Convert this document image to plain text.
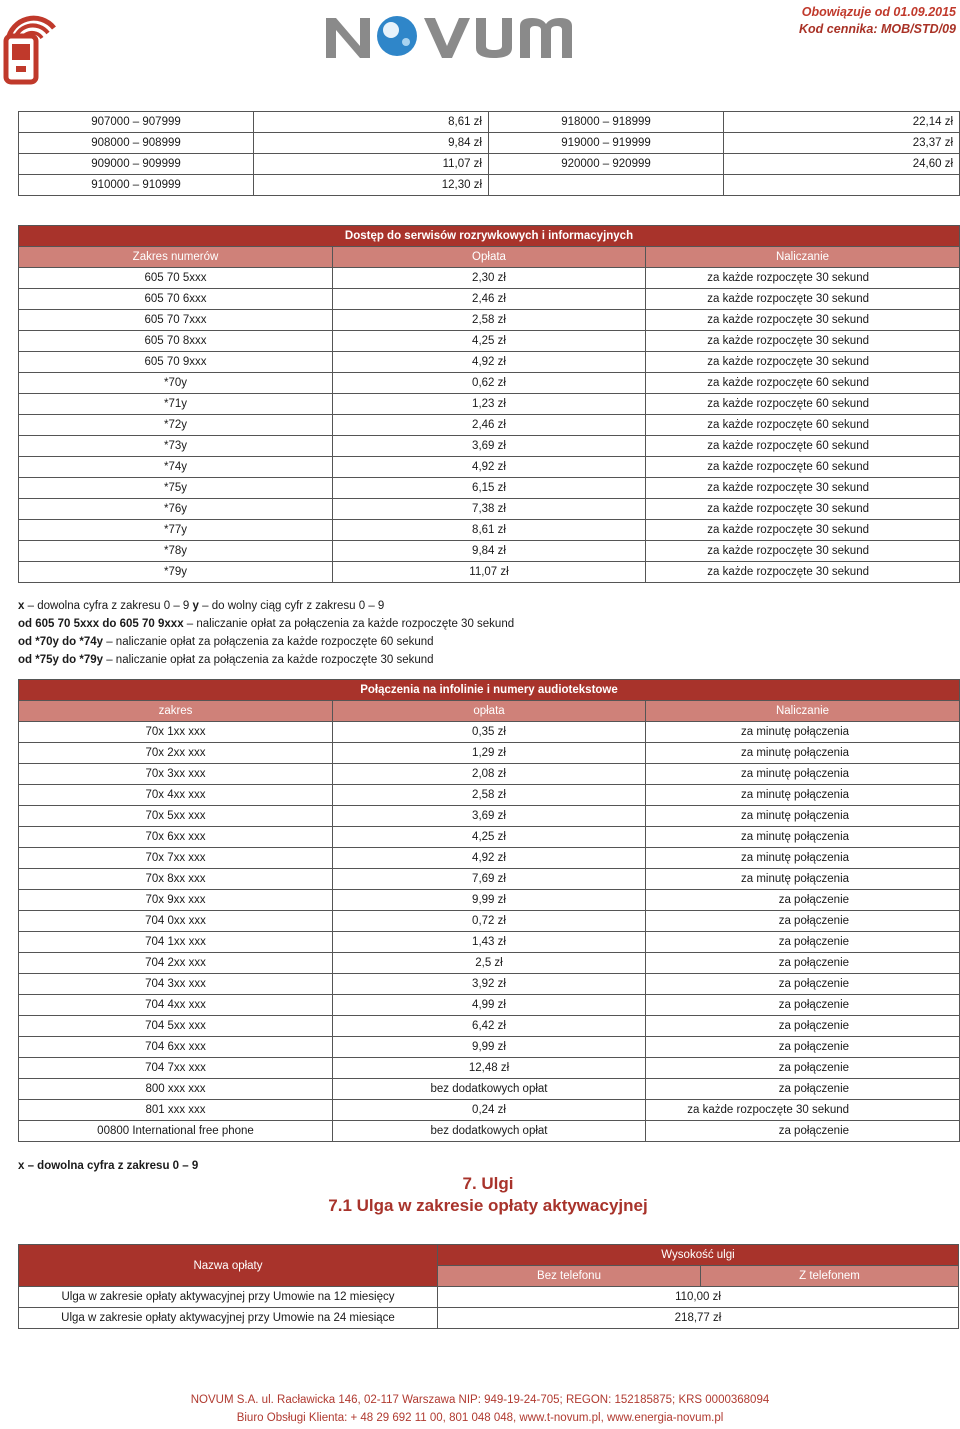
Obowiązuje od 01.09.2015
Kod cennika: MOB/STD/09
907000 – 907999	8,61 zł	918000 – 918999	22,14 zł
908000 – 908999	9,84 zł	919000 – 919999	23,37 zł
909000 – 909999	11,07 zł	920000 – 920999	24,60 zł
910000 – 910999	12,30 zł		
Dostęp do serwisów rozrywkowych i informacyjnych		
Zakres numerów	Opłata	Naliczanie
605 70 5xxx	2,30 zł	za każde rozpoczęte 30 sekund
605 70 6xxx	2,46 zł	za każde rozpoczęte 30 sekund
605 70 7xxx	2,58 zł	za każde rozpoczęte 30 sekund
605 70 8xxx	4,25 zł	za każde rozpoczęte 30 sekund
605 70 9xxx	4,92 zł	za każde rozpoczęte 30 sekund
*70y	0,62 zł	za każde rozpoczęte 60 sekund
*71y	1,23 zł	za każde rozpoczęte 60 sekund
*72y	2,46 zł	za każde rozpoczęte 60 sekund
*73y	3,69 zł	za każde rozpoczęte 60 sekund
*74y	4,92 zł	za każde rozpoczęte 60 sekund
*75y	6,15 zł	za każde rozpoczęte 30 sekund
*76y	7,38 zł	za każde rozpoczęte 30 sekund
*77y	8,61 zł	za każde rozpoczęte 30 sekund
*78y	9,84 zł	za każde rozpoczęte 30 sekund
*79y	11,07 zł	za każde rozpoczęte 30 sekund
x – dowolna cyfra z zakresu 0 – 9 y – do wolny ciąg cyfr z zakresu 0 – 9
od 605 70 5xxx do 605 70 9xxx – naliczanie opłat za połączenia za każde rozpoczęte 30 sekund
od *70y do *74y – naliczanie opłat za połączenia za każde rozpoczęte 60 sekund
od *75y do *79y – naliczanie opłat za połączenia za każde rozpoczęte 30 sekund
Połączenia na infolinie i numery audiotekstowe		
zakres	opłata	Naliczanie
70x 1xx xxx	0,35 zł	za minutę połączenia
70x 2xx xxx	1,29 zł	za minutę połączenia
70x 3xx xxx	2,08 zł	za minutę połączenia
70x 4xx xxx	2,58 zł	za minutę połączenia
70x 5xx xxx	3,69 zł	za minutę połączenia
70x 6xx xxx	4,25 zł	za minutę połączenia
70x 7xx xxx	4,92 zł	za minutę połączenia
70x 8xx xxx	7,69 zł	za minutę połączenia
70x 9xx xxx	9,99 zł	za połączenie
704 0xx xxx	0,72 zł	za połączenie
704 1xx xxx	1,43 zł	za połączenie
704 2xx xxx	2,5 zł	za połączenie
704 3xx xxx	3,92 zł	za połączenie
704 4xx xxx	4,99 zł	za połączenie
704 5xx xxx	6,42 zł	za połączenie
704 6xx xxx	9,99 zł	za połączenie
704 7xx xxx	12,48 zł	za połączenie
800 xxx xxx	bez dodatkowych opłat	za połączenie
801 xxx xxx	0,24 zł	za każde rozpoczęte 30 sekund
00800 International free phone	bez dodatkowych opłat	za połączenie
x – dowolna cyfra z zakresu 0 – 9
7. Ulgi
7.1 Ulga w zakresie opłaty aktywacyjnej
Nazwa opłaty	Wysokość ulgi	
	Bez telefonu	Z telefonem
Ulga w zakresie opłaty aktywacyjnej przy Umowie na 12 miesięcy	110,00 zł	
Ulga w zakresie opłaty aktywacyjnej przy Umowie na 24 miesiące	218,77 zł	
NOVUM S.A. ul. Racławicka 146, 02-117 Warszawa NIP: 949-19-24-705; REGON: 152185875; KRS 0000368094
Biuro Obsługi Klienta: + 48 29 692 11 00, 801 048 048, www.t-novum.pl, www.energia-novum.pl
